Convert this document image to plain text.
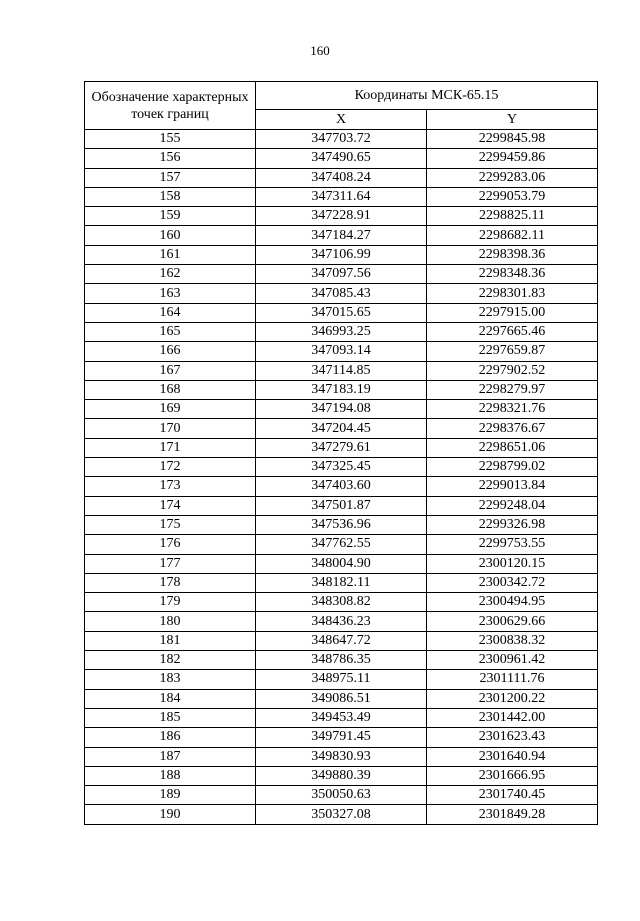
160
Обозначение характерных точек границ	Координаты МСК-65.15	
	X	Y
155	347703.72	2299845.98
156	347490.65	2299459.86
157	347408.24	2299283.06
158	347311.64	2299053.79
159	347228.91	2298825.11
160	347184.27	2298682.11
161	347106.99	2298398.36
162	347097.56	2298348.36
163	347085.43	2298301.83
164	347015.65	2297915.00
165	346993.25	2297665.46
166	347093.14	2297659.87
167	347114.85	2297902.52
168	347183.19	2298279.97
169	347194.08	2298321.76
170	347204.45	2298376.67
171	347279.61	2298651.06
172	347325.45	2298799.02
173	347403.60	2299013.84
174	347501.87	2299248.04
175	347536.96	2299326.98
176	347762.55	2299753.55
177	348004.90	2300120.15
178	348182.11	2300342.72
179	348308.82	2300494.95
180	348436.23	2300629.66
181	348647.72	2300838.32
182	348786.35	2300961.42
183	348975.11	2301111.76
184	349086.51	2301200.22
185	349453.49	2301442.00
186	349791.45	2301623.43
187	349830.93	2301640.94
188	349880.39	2301666.95
189	350050.63	2301740.45
190	350327.08	2301849.28
